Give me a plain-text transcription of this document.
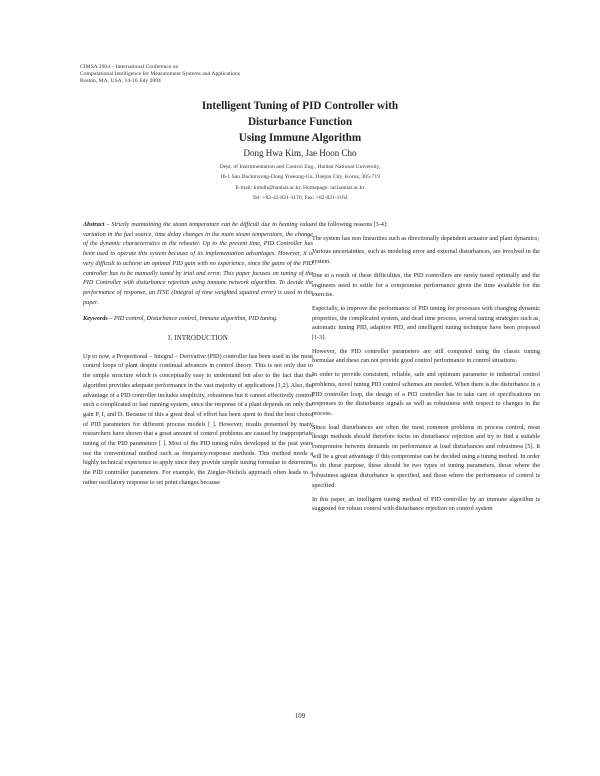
CIMSA 2004 – International Conference on
Computational Intelligence for Measurement Systems and Applications
Boston, MA, USA, 14-16 July 2004
Intelligent Tuning of PID Controller with
Disturbance Function
Using Immune Algorithm
Dong Hwa Kim, Jae Hoon Cho
Dept. of Instrumentation and Control Eng., Hanbat National University,
16-1 San Duckmyong-Dong Yuseong-Gu, Daejon City, Korea, 305-719
E-mail: kimdh@hanbat.ac.kr, Homepage: ial.hanbat.ac.kr
Tel: +82-42-821-1170, Fax: +82-821-1164

Abstract – Strictly maintaining the steam temperature can be difficult due to heating value variation in the fuel source, time delay changes in the main steam temperature, the change of the dynamic characteristics in the reheater. Up to the present time, PID Controller has been used to operate this system because of its implementation advantages. However, it is very difficult to achieve an optimal PID gain with no experience, since the gains of the PID controller has to be manually tuned by trial and error. This paper focuses on tuning of the PID Controller with disturbance rejection using immune network algorithm. To decide the performance of response, an ITSE (Integral of time weighted squared error) is used in this paper.

Keywords – PID control, Disturbance control, Immune algorithm, PID tuning.

I. INTRODUCTION

Up to now, a Proportional – Integral – Derivative (PID) controller has been used in the most control loops of plant despite continual advances in control theory. This is not only due to the simple structure which is conceptually easy to understand but also to the fact that the algorithm provides adequate performance in the vast majority of applications [1,2]. Also, the advantage of a PID controller includes simplicity, robustness but it cannot effectively control such a complicated or fast running system, since the response of a plant depends on only the gain P, I, and D. Because of this a great deal of effort has been spent to find the best choice of PID parameters for different process models [ ]. However, results presented by many researchers have shown that a great amount of control problems are caused by inappropriate tuning of the PID parameters [ ]. Most of the PID tuning rules developed in the past years use the conventional method such as frequency-response methods. This method needs a highly technical experience to apply since they provide simple tuning formulae to determine the PID controller parameters. For example, the Ziegler-Nichols approach often leads to a rather oscillatory response to set point changes because

of the following reasons [3-4]:

The system has non linearities such as directionally dependent actuator and plant dynamics;

Various uncertainties, such as modeling error and external disturbances, are involved in the system.

Due to a result of these difficulties, the PID controllers are rarely tuned optimally and the engineers need to settle for a compromise performance given the time available for the exercise.

Especially, to improve the performance of PID tuning for processes with changing dynamic properties, the complicated system, and dead time process, several tuning strategies such as, automatic tuning PID, adaptive PID, and intelligent tuning technique have been proposed [1-3].

However, the PID controller parameters are still computed using the classic tuning formulae and these can not provide good control performance in control situations.

In order to provide consistent, reliable, safe and optimum parameter to industrial control problems, novel tuning PID control schemes are needed. When there is the disturbance in a PID controller loop, the design of a PID controller has to take care of specifications on responses to the disturbance signals as well as robustness with respect to changes in the process.

Since load disturbances are often the most common problems in process control, most design methods should therefore focus on disturbance rejection and try to find a suitable compromise between demands on performance at load disturbances and robustness [5]. It will be a great advantage if this compromise can be decided using a tuning method. In order to do these purpose, these should be two types of tuning parameters, those where the robustness against disturbance is specified, and those where the performance of control is specified.

In this paper, an intelligent tuning method of PID controller by an immune algorithm is suggested for robust control with disturbance rejection on control system

109
